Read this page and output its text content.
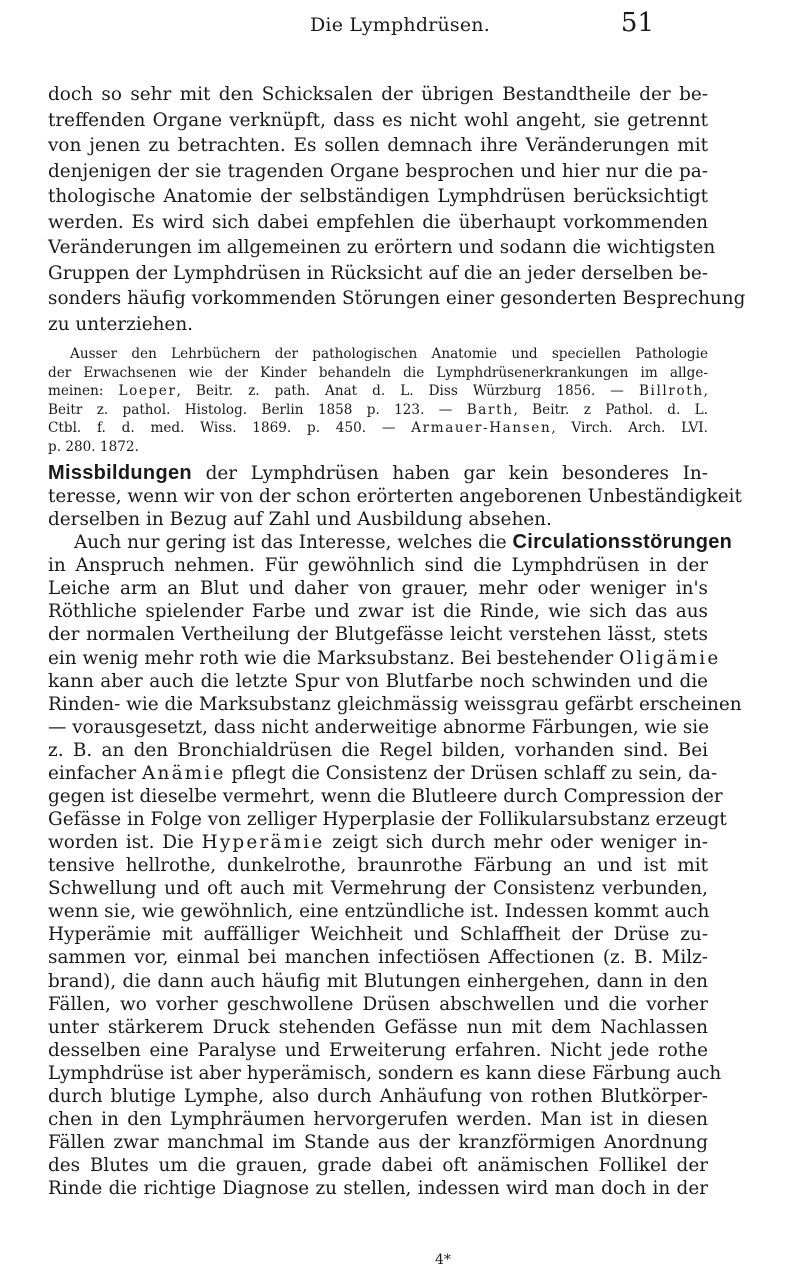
Die Lymphdrüsen.	51
doch so sehr mit den Schicksalen der übrigen Bestandtheile der be-
treffenden Organe verknüpft, dass es nicht wohl angeht, sie getrennt
von jenen zu betrachten. Es sollen demnach ihre Veränderungen mit
denjenigen der sie tragenden Organe besprochen und hier nur die pa-
thologische Anatomie der selbständigen Lymphdrüsen berücksichtigt
werden. Es wird sich dabei empfehlen die überhaupt vorkommenden
Veränderungen im allgemeinen zu erörtern und sodann die wichtigsten
Gruppen der Lymphdrüsen in Rücksicht auf die an jeder derselben be-
sonders häufig vorkommenden Störungen einer gesonderten Besprechung
zu unterziehen.
Ausser den Lehrbüchern der pathologischen Anatomie und speciellen Pathologie
der Erwachsenen wie der Kinder behandeln die Lymphdrüsenerkrankungen im allge-
meinen: Loeper, Beitr. z. path. Anat d. L. Diss Würzburg 1856. — Billroth,
Beitr z. pathol. Histolog. Berlin 1858 p. 123. — Barth, Beitr. z Pathol. d. L.
Ctbl. f. d. med. Wiss. 1869. p. 450. — Armauer-Hansen, Virch. Arch. LVI.
p. 280. 1872.
Missbildungen der Lymphdrüsen haben gar kein besonderes In-
teresse, wenn wir von der schon erörterten angeborenen Unbeständigkeit
derselben in Bezug auf Zahl und Ausbildung absehen.
Auch nur gering ist das Interesse, welches die Circulationsstörungen
in Anspruch nehmen. Für gewöhnlich sind die Lymphdrüsen in der
Leiche arm an Blut und daher von grauer, mehr oder weniger in's
Röthliche spielender Farbe und zwar ist die Rinde, wie sich das aus
der normalen Vertheilung der Blutgefässe leicht verstehen lässt, stets
ein wenig mehr roth wie die Marksubstanz. Bei bestehender Oligämie
kann aber auch die letzte Spur von Blutfarbe noch schwinden und die
Rinden- wie die Marksubstanz gleichmässig weissgrau gefärbt erscheinen
— vorausgesetzt, dass nicht anderweitige abnorme Färbungen, wie sie
z. B. an den Bronchialdrüsen die Regel bilden, vorhanden sind. Bei
einfacher Anämie pflegt die Consistenz der Drüsen schlaff zu sein, da-
gegen ist dieselbe vermehrt, wenn die Blutleere durch Compression der
Gefässe in Folge von zelliger Hyperplasie der Follikularsubstanz erzeugt
worden ist. Die Hyperämie zeigt sich durch mehr oder weniger in-
tensive hellrothe, dunkelrothe, braunrothe Färbung an und ist mit
Schwellung und oft auch mit Vermehrung der Consistenz verbunden,
wenn sie, wie gewöhnlich, eine entzündliche ist. Indessen kommt auch
Hyperämie mit auffälliger Weichheit und Schlaffheit der Drüse zu-
sammen vor, einmal bei manchen infectiösen Affectionen (z. B. Milz-
brand), die dann auch häufig mit Blutungen einhergehen, dann in den
Fällen, wo vorher geschwollene Drüsen abschwellen und die vorher
unter stärkerem Druck stehenden Gefässe nun mit dem Nachlassen
desselben eine Paralyse und Erweiterung erfahren. Nicht jede rothe
Lymphdrüse ist aber hyperämisch, sondern es kann diese Färbung auch
durch blutige Lymphe, also durch Anhäufung von rothen Blutkörper-
chen in den Lymphräumen hervorgerufen werden. Man ist in diesen
Fällen zwar manchmal im Stande aus der kranzförmigen Anordnung
des Blutes um die grauen, grade dabei oft anämischen Follikel der
Rinde die richtige Diagnose zu stellen, indessen wird man doch in der
4*
